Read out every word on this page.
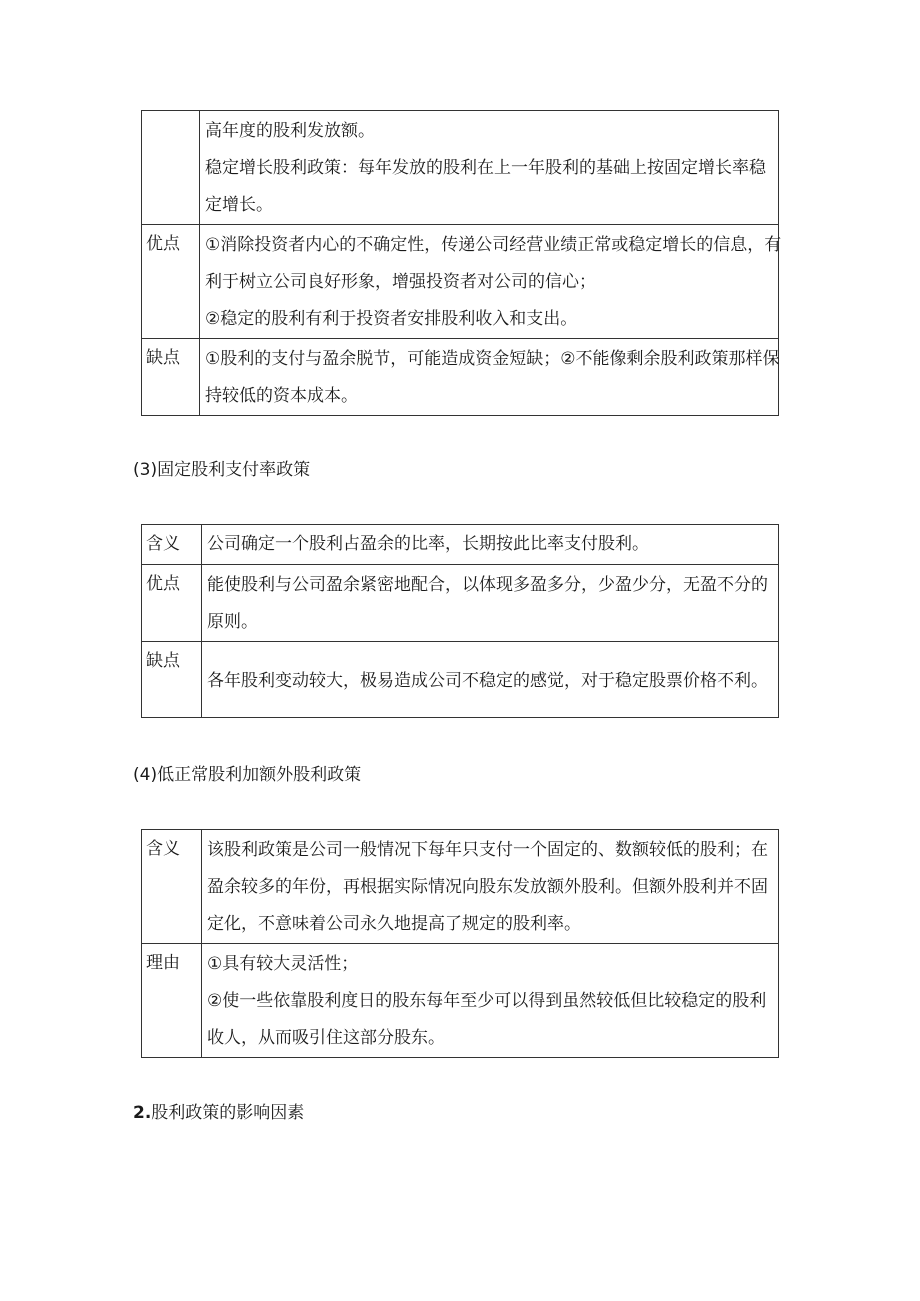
	高年度的股利发放额。
稳定增长股利政策：每年发放的股利在上一年股利的基础上按固定增长率稳
定增长。

优点	①消除投资者内心的不确定性，传递公司经营业绩正常或稳定增长的信息，有
利于树立公司良好形象，增强投资者对公司的信心；
②稳定的股利有利于投资者安排股利收入和支出。

缺点	①股利的支付与盈余脱节，可能造成资金短缺；②不能像剩余股利政策那样保
持较低的资本成本。
(3)固定股利支付率政策
含义	公司确定一个股利占盈余的比率，长期按此比率支付股利。

优点	能使股利与公司盈余紧密地配合，以体现多盈多分，少盈少分，无盈不分的
原则。

缺点	各年股利变动较大，极易造成公司不稳定的感觉，对于稳定股票价格不利。
(4)低正常股利加额外股利政策
含义	该股利政策是公司一般情况下每年只支付一个固定的、数额较低的股利；在
盈余较多的年份，再根据实际情况向股东发放额外股利。但额外股利并不固
定化，不意味着公司永久地提高了规定的股利率。

理由	①具有较大灵活性；
②使一些依靠股利度日的股东每年至少可以得到虽然较低但比较稳定的股利
收人，从而吸引住这部分股东。
2.股利政策的影响因素
